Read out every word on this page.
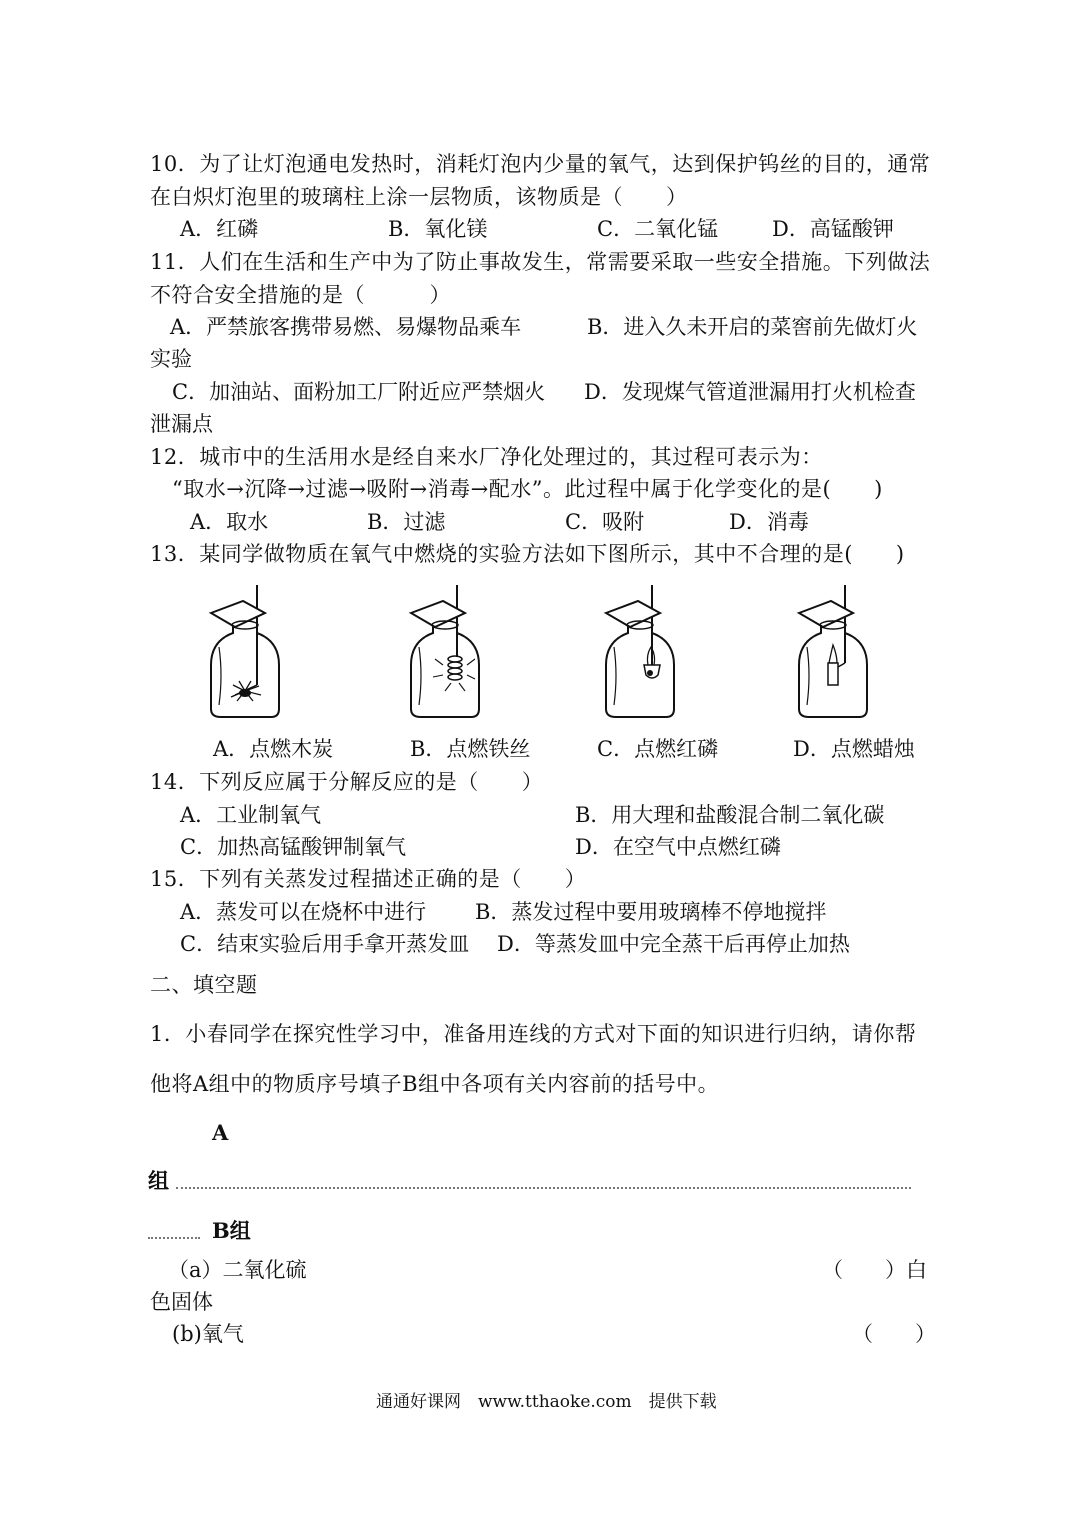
10．为了让灯泡通电发热时，消耗灯泡内少量的氧气，达到保护钨丝的目的，通常
在白炽灯泡里的玻璃柱上涂一层物质，该物质是（　　）
A．红磷	B．氧化镁	C．二氧化锰	D．高锰酸钾
11．人们在生活和生产中为了防止事故发生，常需要采取一些安全措施。下列做法
不符合安全措施的是（　　　）
A．严禁旅客携带易燃、易爆物品乘车	B．进入久未开启的菜窖前先做灯火
实验
C．加油站、面粉加工厂附近应严禁烟火 D．发现煤气管道泄漏用打火机检查
泄漏点
12．城市中的生活用水是经自来水厂净化处理过的，其过程可表示为：
“取水→沉降→过滤→吸附→消毒→配水”。此过程中属于化学变化的是(　　)
A．取水	B．过滤	C．吸附	D．消毒
13．某同学做物质在氧气中燃烧的实验方法如下图所示，其中不合理的是(　　)
A．点燃木炭	B．点燃铁丝	C．点燃红磷	D．点燃蜡烛
14．下列反应属于分解反应的是（　　）
A．工业制氧气	B．用大理和盐酸混合制二氧化碳
C．加热高锰酸钾制氧气	D．在空气中点燃红磷
15．下列有关蒸发过程描述正确的是（　　）
A．蒸发可以在烧杯中进行 B．蒸发过程中要用玻璃棒不停地搅拌
C．结束实验后用手拿开蒸发皿 D．等蒸发皿中完全蒸干后再停止加热
二、填空题
1．小春同学在探究性学习中，准备用连线的方式对下面的知识进行归纳，请你帮
他将A组中的物质序号填子B组中各项有关内容前的括号中。
A
组
B组
（a）二氧化硫	（　　）白
色固体
(b)氧气	（　　）
通通好课网　www.tthaoke.com　提供下载
